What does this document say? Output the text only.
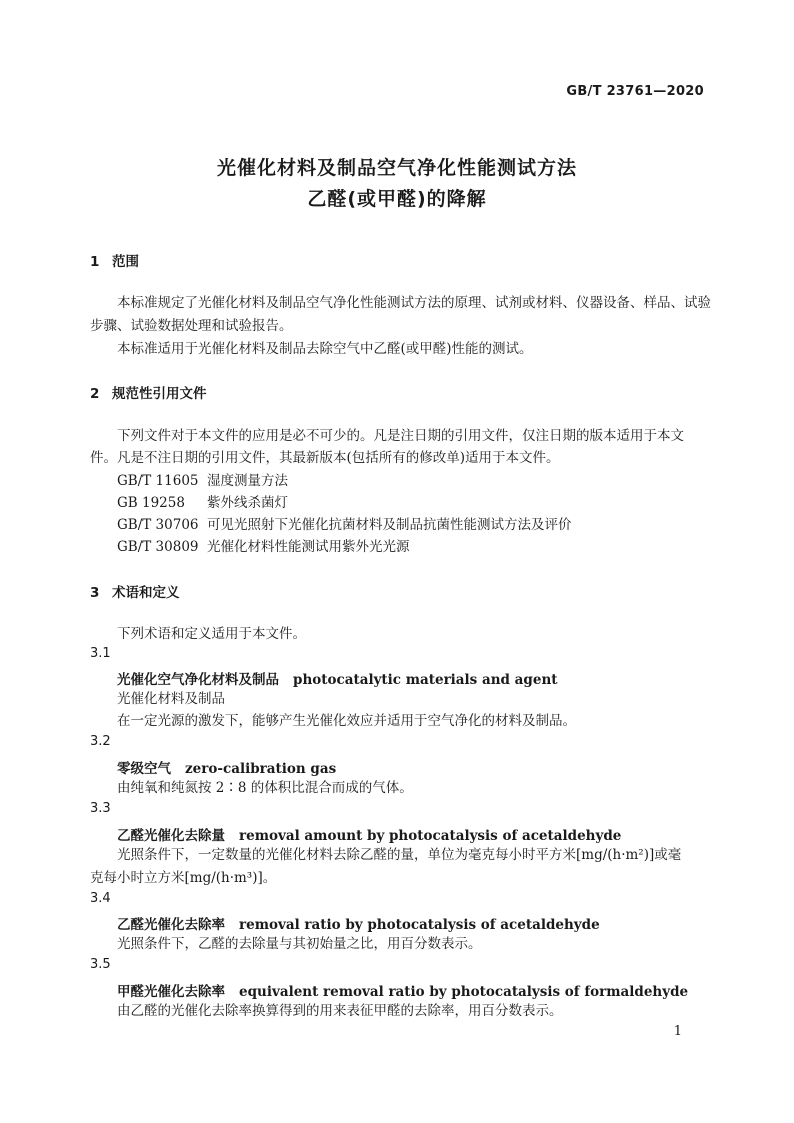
GB/T 23761—2020
光催化材料及制品空气净化性能测试方法
乙醛(或甲醛)的降解
1 范围
本标准规定了光催化材料及制品空气净化性能测试方法的原理、试剂或材料、仪器设备、样品、试验
步骤、试验数据处理和试验报告。
本标准适用于光催化材料及制品去除空气中乙醛(或甲醛)性能的测试。
2 规范性引用文件
下列文件对于本文件的应用是必不可少的。凡是注日期的引用文件，仅注日期的版本适用于本文
件。凡是不注日期的引用文件，其最新版本(包括所有的修改单)适用于本文件。
GB/T 11605 湿度测量方法
GB 19258 紫外线杀菌灯
GB/T 30706 可见光照射下光催化抗菌材料及制品抗菌性能测试方法及评价
GB/T 30809 光催化材料性能测试用紫外光光源
3 术语和定义
下列术语和定义适用于本文件。
3.1
光催化空气净化材料及制品 photocatalytic materials and agent
光催化材料及制品
在一定光源的激发下，能够产生光催化效应并适用于空气净化的材料及制品。
3.2
零级空气 zero-calibration gas
由纯氧和纯氮按 2∶8 的体积比混合而成的气体。
3.3
乙醛光催化去除量 removal amount by photocatalysis of acetaldehyde
光照条件下，一定数量的光催化材料去除乙醛的量，单位为毫克每小时平方米[mg/(h·m²)]或毫
克每小时立方米[mg/(h·m³)]。
3.4
乙醛光催化去除率 removal ratio by photocatalysis of acetaldehyde
光照条件下，乙醛的去除量与其初始量之比，用百分数表示。
3.5
甲醛光催化去除率 equivalent removal ratio by photocatalysis of formaldehyde
由乙醛的光催化去除率换算得到的用来表征甲醛的去除率，用百分数表示。
1
